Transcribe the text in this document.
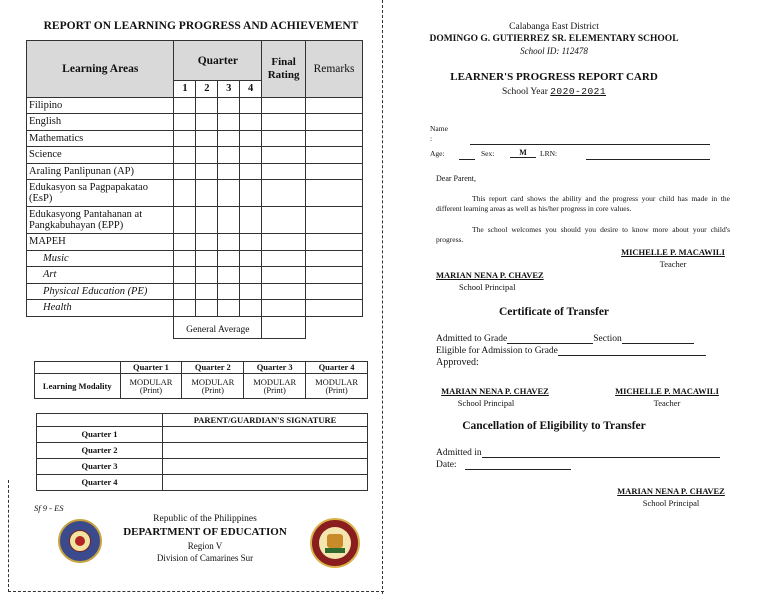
REPORT ON LEARNING PROGRESS AND ACHIEVEMENT
Learning Areas	Quarter				Final Rating	Remarks
	1	2	3	4		
Filipino						
English						
Mathematics						
Science						
Araling Panlipunan (AP)						
Edukasyon sa Pagpapakatao (EsP)						
Edukasyong Pantahanan at Pangkabuhayan (EPP)						
MAPEH						
Music						
Art						
Physical Education (PE)						
Health						
	General Average					
	Quarter 1	Quarter 2	Quarter 3	Quarter 4
Learning Modality	MODULAR (Print)	MODULAR (Print)	MODULAR (Print)	MODULAR (Print)
	PARENT/GUARDIAN'S SIGNATURE
Quarter 1	
Quarter 2	
Quarter 3	
Quarter 4	
Sf 9 - ES
Republic of the Philippines
DEPARTMENT OF EDUCATION
Region V
Division of Camarines Sur
Calabanga East District
DOMINGO G. GUTIERREZ SR. ELEMENTARY SCHOOL
School ID: 112478
LEARNER'S PROGRESS REPORT CARD
School Year 2020-2021
Name
:
Age:	Sex:	M	LRN:
Dear Parent,
This report card shows the ability and the progress your child has made in the different learning areas as well as his/her progress in core values.
The school welcomes you should you desire to know more about your child's progress.
MICHELLE P. MACAWILI
Teacher
MARIAN NENA P. CHAVEZ
School Principal
Certificate of Transfer
Admitted to Grade	Section
Eligible for Admission to Grade
Approved:
MARIAN NENA P. CHAVEZ
School Principal
MICHELLE P. MACAWILI
Teacher
Cancellation of Eligibility to Transfer
Admitted in
Date:
MARIAN NENA P. CHAVEZ
School Principal
